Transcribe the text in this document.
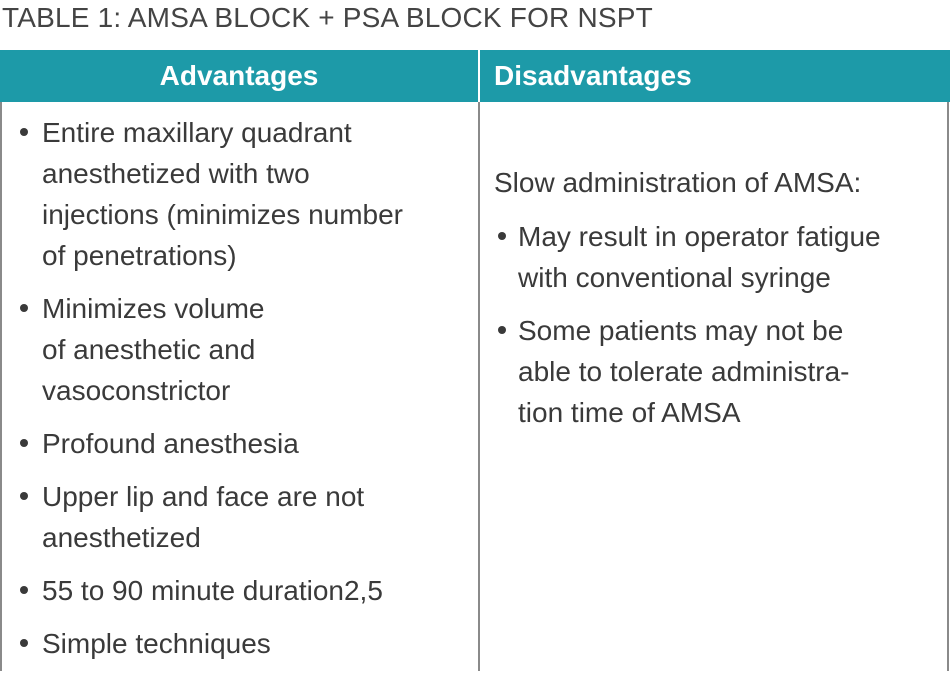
TABLE 1: AMSA BLOCK + PSA BLOCK FOR NSPT
Advantages	Disadvantages
Entire maxillary quadrant
anesthetized with two
injections (minimizes number
of penetrations)
Minimizes volume
of anesthetic and
vasoconstrictor
Profound anesthesia
Upper lip and face are not
anesthetized
55 to 90 minute duration2,5
Simple techniques
Slow administration of AMSA:
May result in operator fatigue
with conventional syringe
Some patients may not be
able to tolerate administra-
tion time of AMSA
